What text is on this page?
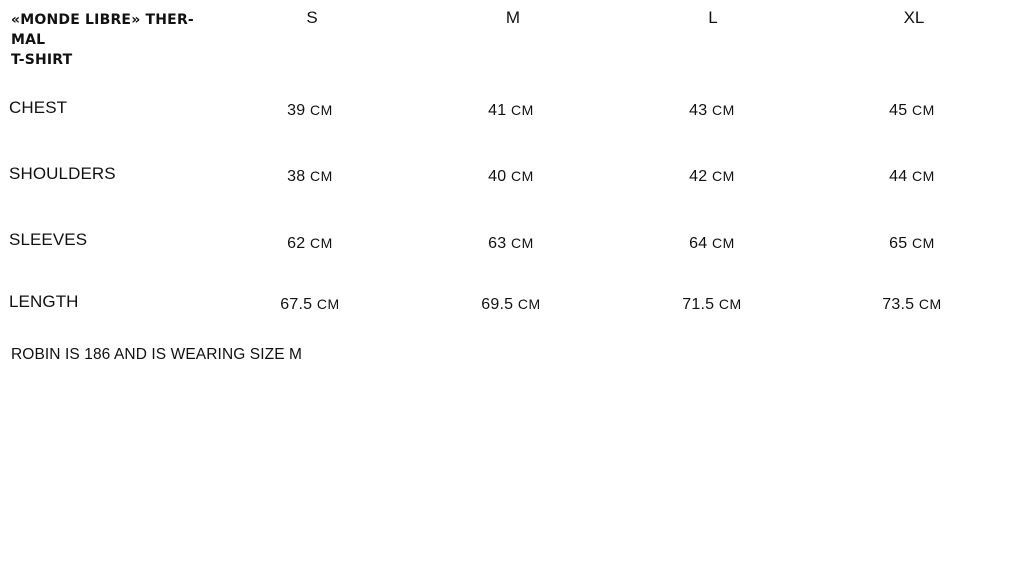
«MONDE LIBRE» THER-
MAL
T-SHIRT
S	M	L	XL
CHEST	39 CM	41 CM	43 CM	45 CM
SHOULDERS	38 CM	40 CM	42 CM	44 CM
SLEEVES	62 CM	63 CM	64 CM	65 CM
LENGTH	67.5 CM	69.5 CM	71.5 CM	73.5 CM
ROBIN IS 186 AND IS WEARING SIZE M
